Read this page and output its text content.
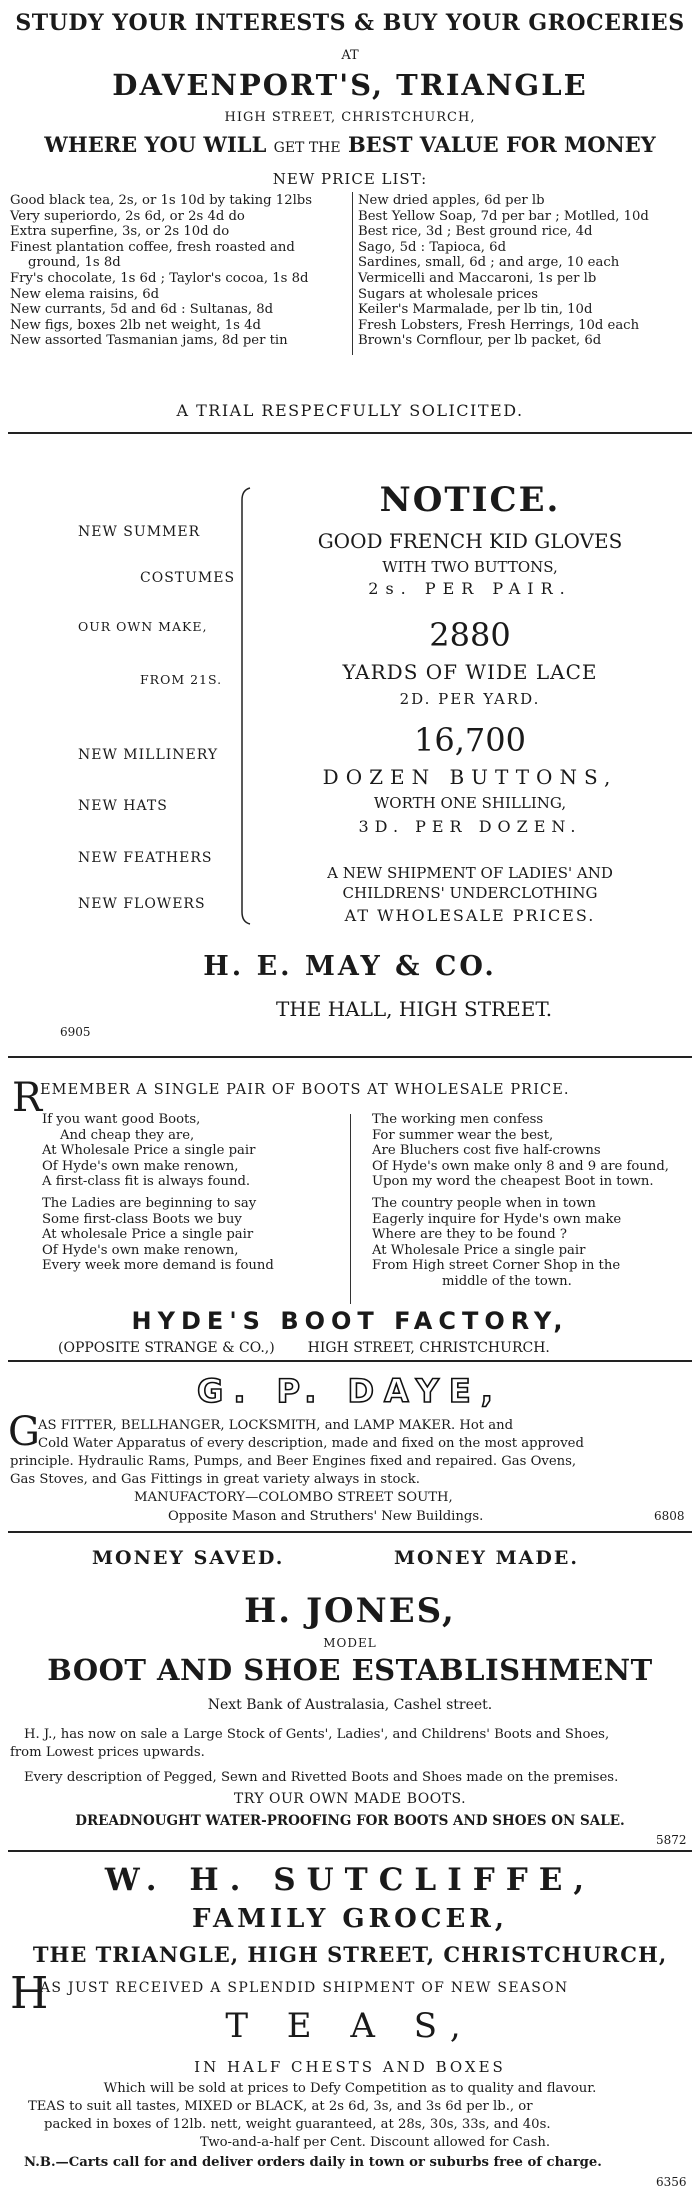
STUDY YOUR INTERESTS & BUY YOUR GROCERIES
AT
DAVENPORT'S, TRIANGLE
HIGH STREET, CHRISTCHURCH,
WHERE YOU WILL GET THE BEST VALUE FOR MONEY
NEW PRICE LIST:
Good black tea, 2s, or 1s 10d by taking 12lbs
Very superiordo, 2s 6d, or 2s 4d do
Extra superfine, 3s, or 2s 10d do
Finest plantation coffee, fresh roasted and
ground, 1s 8d
Fry's chocolate, 1s 6d ; Taylor's cocoa, 1s 8d
New elema raisins, 6d
New currants, 5d and 6d : Sultanas, 8d
New figs, boxes 2lb net weight, 1s 4d
New assorted Tasmanian jams, 8d per tin
New dried apples, 6d per lb
Best Yellow Soap, 7d per bar ; Motlled, 10d
Best rice, 3d ; Best ground rice, 4d
Sago, 5d : Tapioca, 6d
Sardines, small, 6d ; and arge, 10 each
Vermicelli and Maccaroni, 1s per lb
Sugars at wholesale prices
Keiler's Marmalade, per lb tin, 10d
Fresh Lobsters, Fresh Herrings, 10d each
Brown's Cornflour, per lb packet, 6d
A TRIAL RESPECFULLY SOLICITED.
NEW SUMMER
COSTUMES
OUR OWN MAKE,
FROM 21S.
NEW MILLINERY
NEW HATS
NEW FEATHERS
NEW FLOWERS
NOTICE.
GOOD FRENCH KID GLOVES
WITH TWO BUTTONS,
2s. PER PAIR.
2880
YARDS OF WIDE LACE
2D. PER YARD.
16,700
DOZEN BUTTONS,
WORTH ONE SHILLING,
3D. PER DOZEN.
A NEW SHIPMENT OF LADIES' AND
CHILDRENS' UNDERCLOTHING
AT WHOLESALE PRICES.
H. E. MAY & CO.
THE HALL, HIGH STREET.
6905
R
EMEMBER A SINGLE PAIR OF BOOTS AT WHOLESALE PRICE.
If you want good Boots,
And cheap they are,
At Wholesale Price a single pair
Of Hyde's own make renown,
A first-class fit is always found.
The Ladies are beginning to say
Some first-class Boots we buy
At wholesale Price a single pair
Of Hyde's own make renown,
Every week more demand is found
The working men confess
For summer wear the best,
Are Bluchers cost five half-crowns
Of Hyde's own make only 8 and 9 are found,
Upon my word the cheapest Boot in town.
The country people when in town
Eagerly inquire for Hyde's own make
Where are they to be found ?
At Wholesale Price a single pair
From High street Corner Shop in the
middle of the town.
HYDE'S BOOT FACTORY,
(OPPOSITE STRANGE & CO.,) HIGH STREET, CHRISTCHURCH.
G. P. DAYE,
G
AS FITTER, BELLHANGER, LOCKSMITH, and LAMP MAKER. Hot and
Cold Water Apparatus of every description, made and fixed on the most approved
principle. Hydraulic Rams, Pumps, and Beer Engines fixed and repaired. Gas Ovens,
Gas Stoves, and Gas Fittings in great variety always in stock.
MANUFACTORY—COLOMBO STREET SOUTH,
Opposite Mason and Struthers' New Buildings.	6808
MONEY SAVED.	MONEY MADE.
H. JONES,
MODEL
BOOT AND SHOE ESTABLISHMENT
Next Bank of Australasia, Cashel street.
H. J., has now on sale a Large Stock of Gents', Ladies', and Childrens' Boots and Shoes,
from Lowest prices upwards.
Every description of Pegged, Sewn and Rivetted Boots and Shoes made on the premises.
TRY OUR OWN MADE BOOTS.
DREADNOUGHT WATER-PROOFING FOR BOOTS AND SHOES ON SALE.
5872
W. H. SUTCLIFFE,
FAMILY GROCER,
THE TRIANGLE, HIGH STREET, CHRISTCHURCH,
H
AS JUST RECEIVED A SPLENDID SHIPMENT OF NEW SEASON
T E A S,
IN HALF CHESTS AND BOXES
Which will be sold at prices to Defy Competition as to quality and flavour.
TEAS to suit all tastes, MIXED or BLACK, at 2s 6d, 3s, and 3s 6d per lb., or
packed in boxes of 12lb. nett, weight guaranteed, at 28s, 30s, 33s, and 40s.
Two-and-a-half per Cent. Discount allowed for Cash.
N.B.—Carts call for and deliver orders daily in town or suburbs free of charge.
6356
